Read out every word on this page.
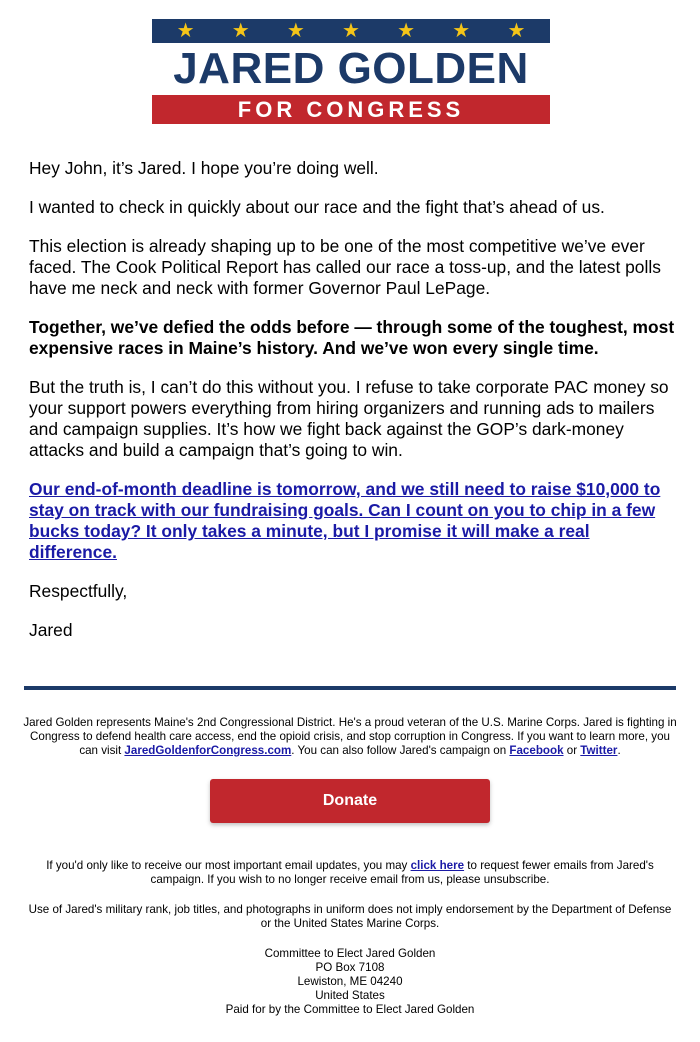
★ ★ ★ ★ ★ ★ ★
JARED GOLDEN
FOR CONGRESS

Hey John, it’s Jared. I hope you’re doing well.

I wanted to check in quickly about our race and the fight that’s ahead of us.

This election is already shaping up to be one of the most competitive we’ve ever faced. The Cook Political Report has called our race a toss-up, and the latest polls have me neck and neck with former Governor Paul LePage.

Together, we’ve defied the odds before — through some of the toughest, most expensive races in Maine’s history. And we’ve won every single time.

But the truth is, I can’t do this without you. I refuse to take corporate PAC money so your support powers everything from hiring organizers and running ads to mailers and campaign supplies. It’s how we fight back against the GOP’s dark-money attacks and build a campaign that’s going to win.

Our end-of-month deadline is tomorrow, and we still need to raise $10,000 to stay on track with our fundraising goals. Can I count on you to chip in a few bucks today? It only takes a minute, but I promise it will make a real difference.

Respectfully,

Jared

Jared Golden represents Maine's 2nd Congressional District. He's a proud veteran of the U.S. Marine Corps. Jared is fighting in Congress to defend health care access, end the opioid crisis, and stop corruption in Congress. If you want to learn more, you can visit JaredGoldenforCongress.com. You can also follow Jared's campaign on Facebook or Twitter.
Donate
If you'd only like to receive our most important email updates, you may click here to request fewer emails from Jared's campaign. If you wish to no longer receive email from us, please unsubscribe.
Use of Jared's military rank, job titles, and photographs in uniform does not imply endorsement by the Department of Defense or the United States Marine Corps.
Committee to Elect Jared Golden
PO Box 7108
Lewiston, ME 04240
United States
Paid for by the Committee to Elect Jared Golden
